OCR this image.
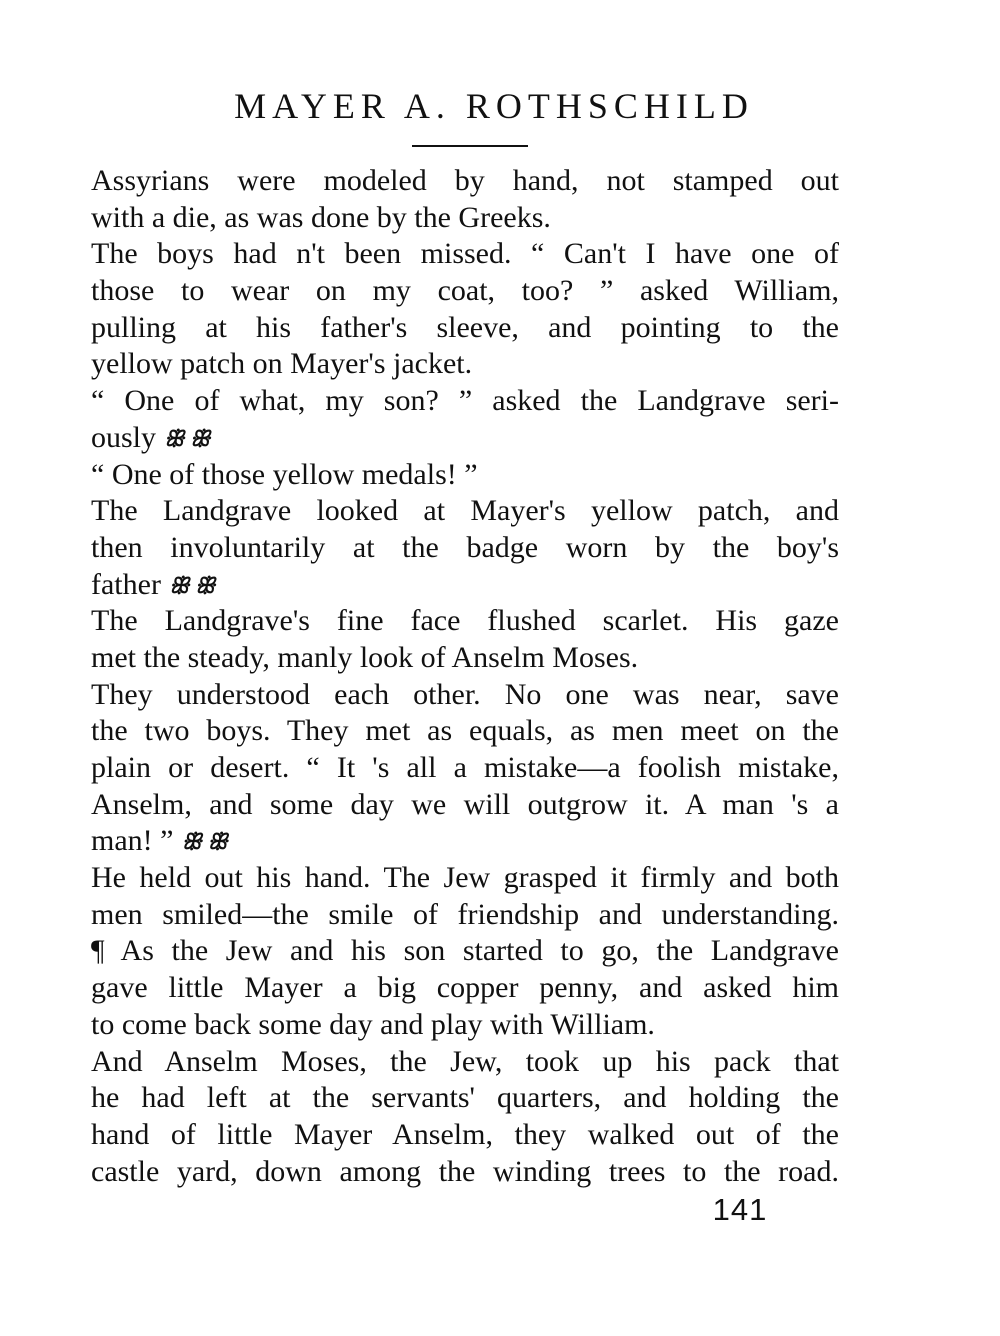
MAYER A. ROTHSCHILD
Assyrians were modeled by hand, not stamped out
with a die, as was done by the Greeks.
The boys had n't been missed. “ Can't I have one of
those to wear on my coat, too? ” asked William,
pulling at his father's sleeve, and pointing to the
yellow patch on Mayer's jacket.
“ One of what, my son? ” asked the Landgrave seri-
ously ꕥ ꕥ
“ One of those yellow medals! ”
The Landgrave looked at Mayer's yellow patch, and
then involuntarily at the badge worn by the boy's
father ꕥ ꕥ
The Landgrave's fine face flushed scarlet. His gaze
met the steady, manly look of Anselm Moses.
They understood each other. No one was near, save
the two boys. They met as equals, as men meet on the
plain or desert. “ It 's all a mistake—a foolish mistake,
Anselm, and some day we will outgrow it. A man 's a
man! ” ꕥ ꕥ
He held out his hand. The Jew grasped it firmly and both
men smiled—the smile of friendship and understanding.
¶ As the Jew and his son started to go, the Landgrave
gave little Mayer a big copper penny, and asked him
to come back some day and play with William.
And Anselm Moses, the Jew, took up his pack that
he had left at the servants' quarters, and holding the
hand of little Mayer Anselm, they walked out of the
castle yard, down among the winding trees to the road.
141
